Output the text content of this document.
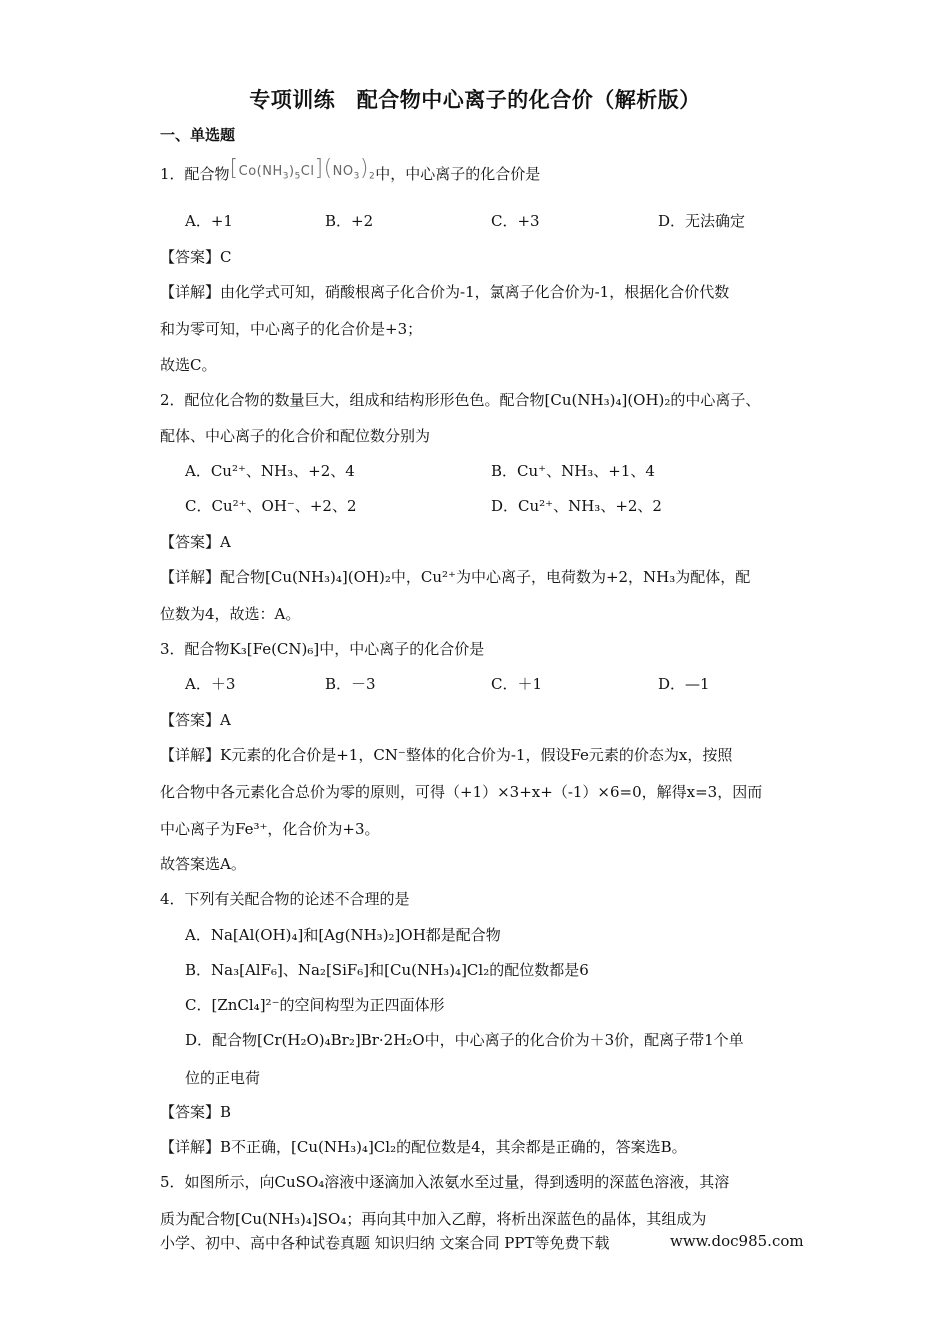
专项训练　配合物中心离子的化合价（解析版）
一、单选题
1．配合物$[Co(NH_3)_5Cl](NO_3)_2$中，中心离子的化合价是
A．+1	B．+2	C．+3	D．无法确定
【答案】C
【详解】由化学式可知，硝酸根离子化合价为-1，氯离子化合价为-1，根据化合价代数
和为零可知，中心离子的化合价是+3；
故选C。
2．配位化合物的数量巨大，组成和结构形形色色。配合物[Cu(NH₃)₄](OH)₂的中心离子、
配体、中心离子的化合价和配位数分别为
A．Cu²⁺、NH₃、+2、4	B．Cu⁺、NH₃、+1、4
C．Cu²⁺、OH⁻、+2、2	D．Cu²⁺、NH₃、+2、2
【答案】A
【详解】配合物[Cu(NH₃)₄](OH)₂中，Cu²⁺为中心离子，电荷数为+2，NH₃为配体，配
位数为4，故选：A。
3．配合物K₃[Fe(CN)₆]中，中心离子的化合价是
A．＋3	B．－3	C．＋1	D．—1
【答案】A
【详解】K元素的化合价是+1，CN⁻整体的化合价为-1，假设Fe元素的价态为x，按照
化合物中各元素化合总价为零的原则，可得（+1）×3+x+（-1）×6=0，解得x=3，因而
中心离子为Fe³⁺，化合价为+3。
故答案选A。
4．下列有关配合物的论述不合理的是
A．Na[Al(OH)₄]和[Ag(NH₃)₂]OH都是配合物
B．Na₃[AlF₆]、Na₂[SiF₆]和[Cu(NH₃)₄]Cl₂的配位数都是6
C．[ZnCl₄]²⁻的空间构型为正四面体形
D．配合物[Cr(H₂O)₄Br₂]Br·2H₂O中，中心离子的化合价为＋3价，配离子带1个单
位的正电荷
【答案】B
【详解】B不正确，[Cu(NH₃)₄]Cl₂的配位数是4，其余都是正确的，答案选B。
5．如图所示，向CuSO₄溶液中逐滴加入浓氨水至过量，得到透明的深蓝色溶液，其溶
质为配合物[Cu(NH₃)₄]SO₄；再向其中加入乙醇，将析出深蓝色的晶体，其组成为
小学、初中、高中各种试卷真题 知识归纳 文案合同 PPT等免费下载	www.doc985.com
